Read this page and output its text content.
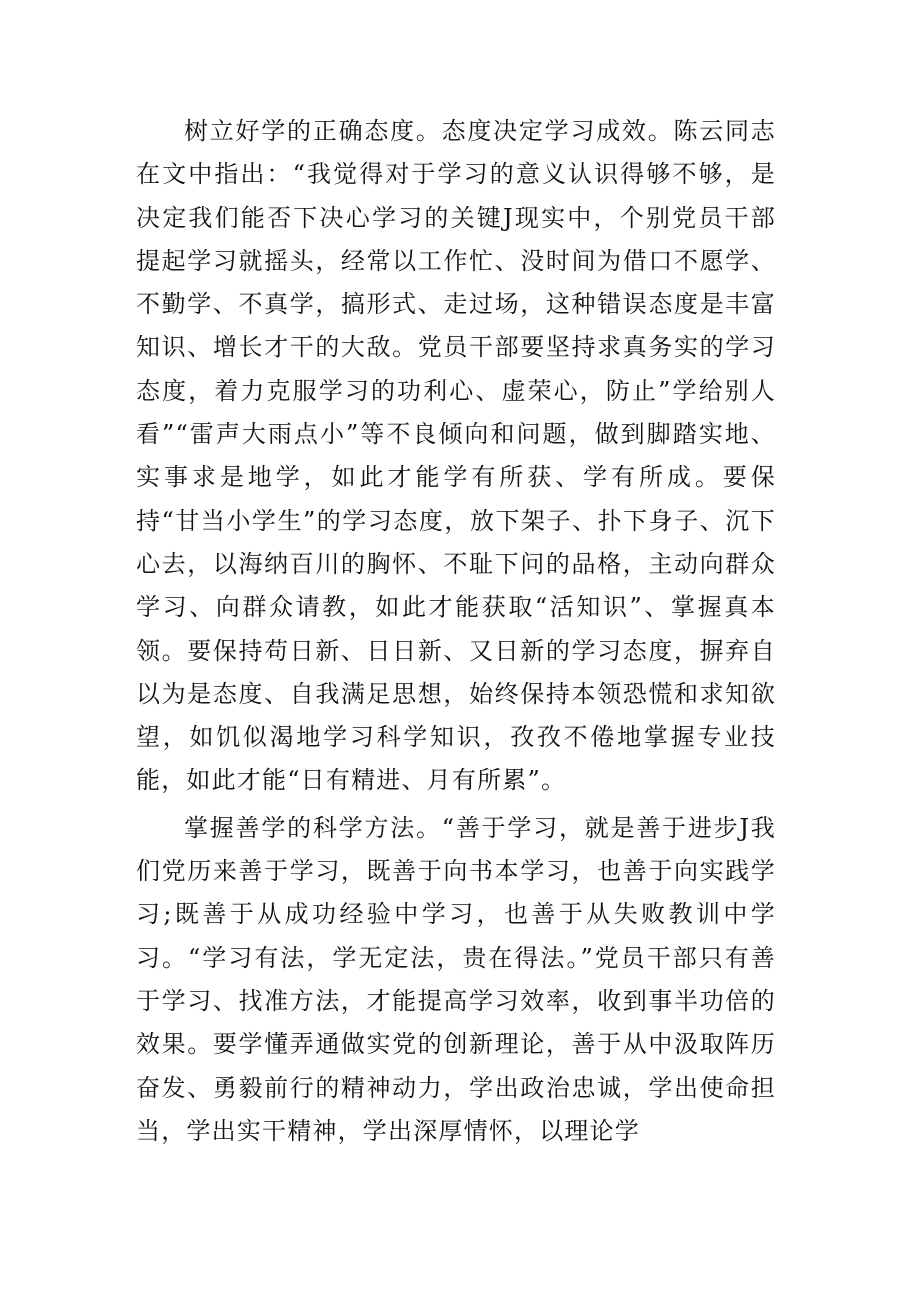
树立好学的正确态度。态度决定学习成效。陈云同志在文中指出：“我觉得对于学习的意义认识得够不够，是决定我们能否下决心学习的关键J现实中，个别党员干部提起学习就摇头，经常以工作忙、没时间为借口不愿学、不勤学、不真学，搞形式、走过场，这种错误态度是丰富知识、增长才干的大敌。党员干部要坚持求真务实的学习态度，着力克服学习的功利心、虚荣心，防止”学给别人看”“雷声大雨点小”等不良倾向和问题，做到脚踏实地、实事求是地学，如此才能学有所获、学有所成。要保持“甘当小学生”的学习态度，放下架子、扑下身子、沉下心去，以海纳百川的胸怀、不耻下问的品格，主动向群众学习、向群众请教，如此才能获取“活知识”、掌握真本领。要保持苟日新、日日新、又日新的学习态度，摒弃自以为是态度、自我满足思想，始终保持本领恐慌和求知欲望，如饥似渴地学习科学知识，孜孜不倦地掌握专业技能，如此才能“日有精进、月有所累”。

掌握善学的科学方法。“善于学习，就是善于进步J我们党历来善于学习，既善于向书本学习，也善于向实践学习;既善于从成功经验中学习，也善于从失败教训中学习。“学习有法，学无定法，贵在得法。”党员干部只有善于学习、找准方法，才能提高学习效率，收到事半功倍的效果。要学懂弄通做实党的创新理论，善于从中汲取阵历奋发、勇毅前行的精神动力，学出政治忠诚，学出使命担当，学出实干精神，学出深厚情怀，以理论学
